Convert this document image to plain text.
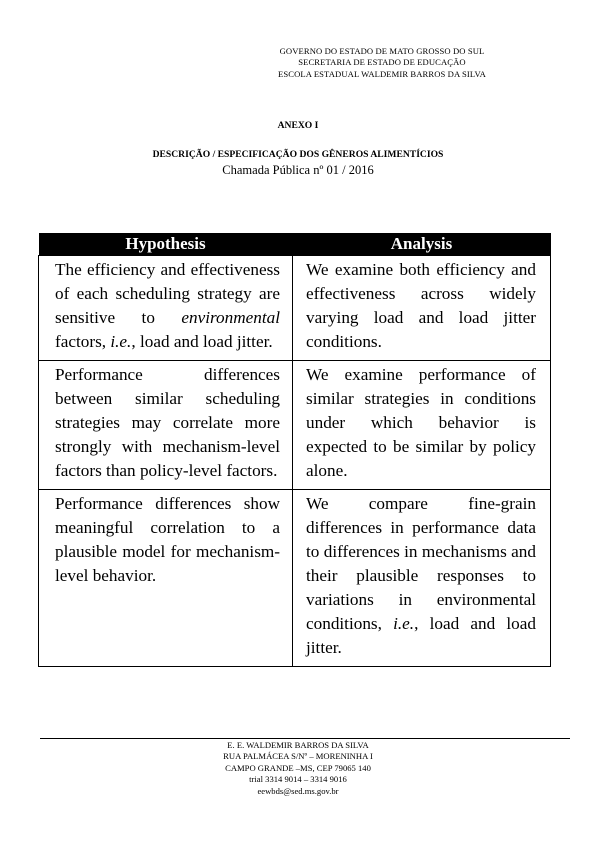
GOVERNO DO ESTADO DE MATO GROSSO DO SUL
SECRETARIA DE ESTADO DE EDUCAÇÃO
ESCOLA ESTADUAL WALDEMIR BARROS DA SILVA
ANEXO I
DESCRIÇÃO / ESPECIFICAÇÃO DOS GÊNEROS ALIMENTÍCIOS
Chamada Pública nº 01 / 2016
Hypothesis	Analysis
The efficiency and effectiveness of each scheduling strategy are sensitive to environmental factors, i.e., load and load jitter.	We examine both efficiency and effectiveness across widely varying load and load jitter conditions.
Performance differences between similar scheduling strategies may correlate more strongly with mechanism-level factors than policy-level factors.	We examine performance of similar strategies in conditions under which behavior is expected to be similar by policy alone.
Performance differences show meaningful correlation to a plausible model for mechanism-level behavior.	We compare fine-grain differences in performance data to differences in mechanisms and their plausible responses to variations in environmental conditions, i.e., load and load jitter.
E. E. WALDEMIR BARROS DA SILVA
RUA PALMÁCEA S/Nº – MORENINHA I
CAMPO GRANDE –MS, CEP 79065 140
trial 3314 9014 – 3314 9016
eewbds@sed.ms.gov.br
